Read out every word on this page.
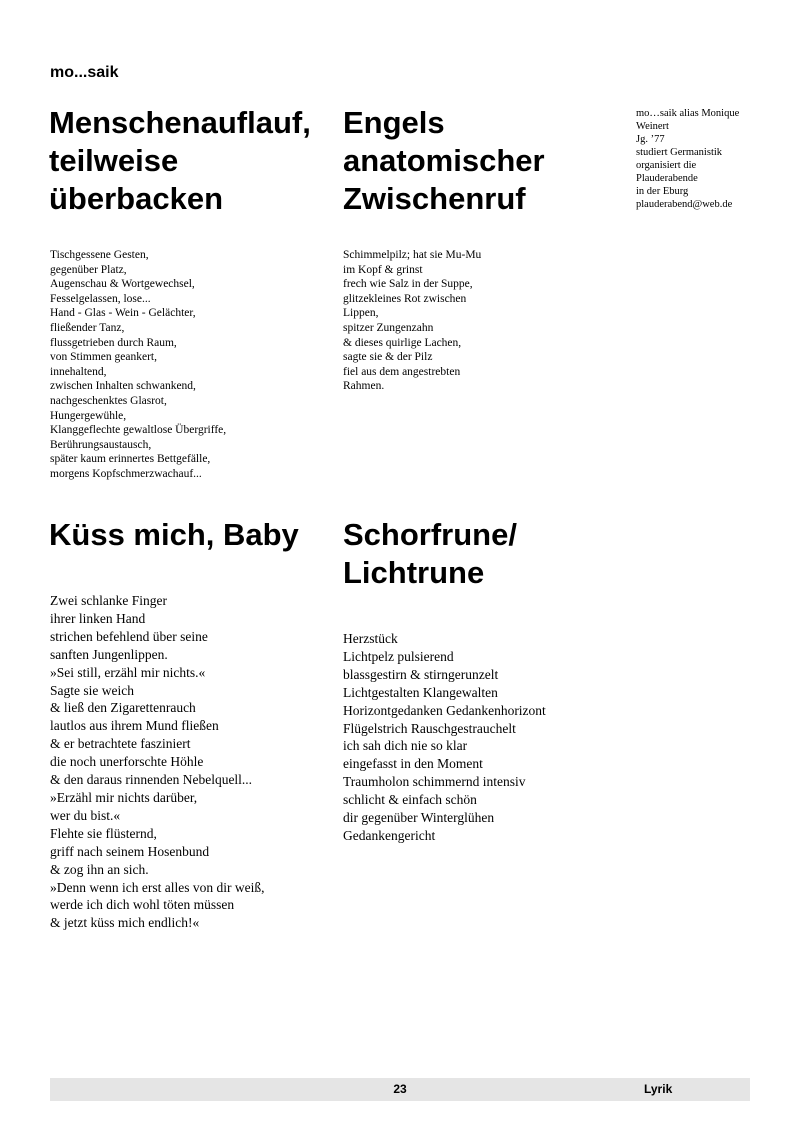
mo...saik
Menschenauflauf,
teilweise
überbacken
Engels
anatomischer
Zwischenruf
mo…saik alias Monique
Weinert
Jg. ’77
studiert Germanistik
organisiert die
Plauderabende
in der Eburg
plauderabend@web.de
Tischgessene Gesten,
gegenüber Platz,
Augenschau & Wortgewechsel,
Fesselgelassen, lose...
Hand - Glas - Wein - Gelächter,
fließender Tanz,
flussgetrieben durch Raum,
von Stimmen geankert,
innehaltend,
zwischen Inhalten schwankend,
nachgeschenktes Glasrot,
Hungergewühle,
Klanggeflechte gewaltlose Übergriffe,
Berührungsaustausch,
später kaum erinnertes Bettgefälle,
morgens Kopfschmerzwachauf...
Schimmelpilz; hat sie Mu-Mu
im Kopf & grinst
frech wie Salz in der Suppe,
glitzekleines Rot zwischen
Lippen,
spitzer Zungenzahn
& dieses quirlige Lachen,
sagte sie & der Pilz
fiel aus dem angestrebten
Rahmen.
Küss mich, Baby Schorfrune/
Lichtrune
Zwei schlanke Finger
ihrer linken Hand
strichen befehlend über seine
sanften Jungenlippen.
»Sei still, erzähl mir nichts.«
Sagte sie weich
& ließ den Zigarettenrauch
lautlos aus ihrem Mund fließen
& er betrachtete fasziniert
die noch unerforschte Höhle
& den daraus rinnenden Nebelquell...
»Erzähl mir nichts darüber,
wer du bist.«
Flehte sie flüsternd,
griff nach seinem Hosenbund
& zog ihn an sich.
»Denn wenn ich erst alles von dir weiß,
werde ich dich wohl töten müssen
& jetzt küss mich endlich!«
Herzstück
Lichtpelz pulsierend
blassgestirn & stirngerunzelt
Lichtgestalten Klangewalten
Horizontgedanken Gedankenhorizont
Flügelstrich Rauschgestrauchelt
ich sah dich nie so klar
eingefasst in den Moment
Traumholon schimmernd intensiv
schlicht & einfach schön
dir gegenüber Winterglühen
Gedankengericht
23	Lyrik
